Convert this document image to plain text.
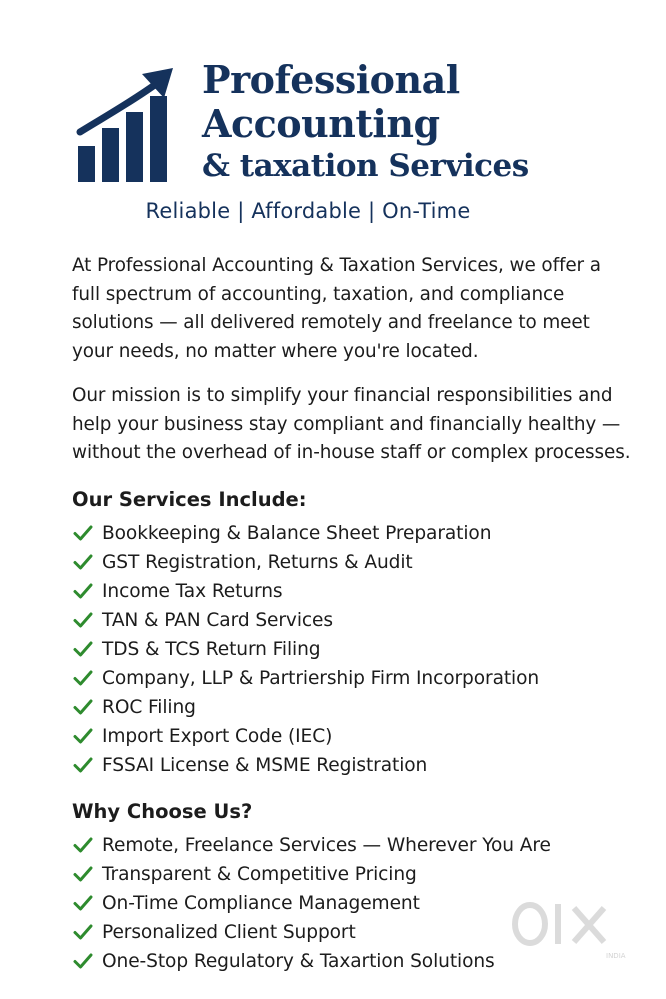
Professional
Accounting
& taxation Services
Reliable | Affordable | On-Time

At Professional Accounting & Taxation Services, we offer a full spectrum of accounting, taxation, and compliance solutions — all delivered remotely and freelance to meet your needs, no matter where you're located.

Our mission is to simplify your financial responsibilities and help your business stay compliant and financially healthy — without the overhead of in-house staff or complex processes.

Our Services Include:
Bookkeeping & Balance Sheet Preparation
GST Registration, Returns & Audit
Income Tax Returns
TAN & PAN Card Services
TDS & TCS Return Filing
Company, LLP & Partriership Firm Incorporation
ROC Filing
Import Export Code (IEC)
FSSAI License & MSME Registration
Why Choose Us?
Remote, Freelance Services — Wherever You Are
Transparent & Competitive Pricing
On-Time Compliance Management
Personalized Client Support
One-Stop Regulatory & Taxartion Solutions	INDIA
